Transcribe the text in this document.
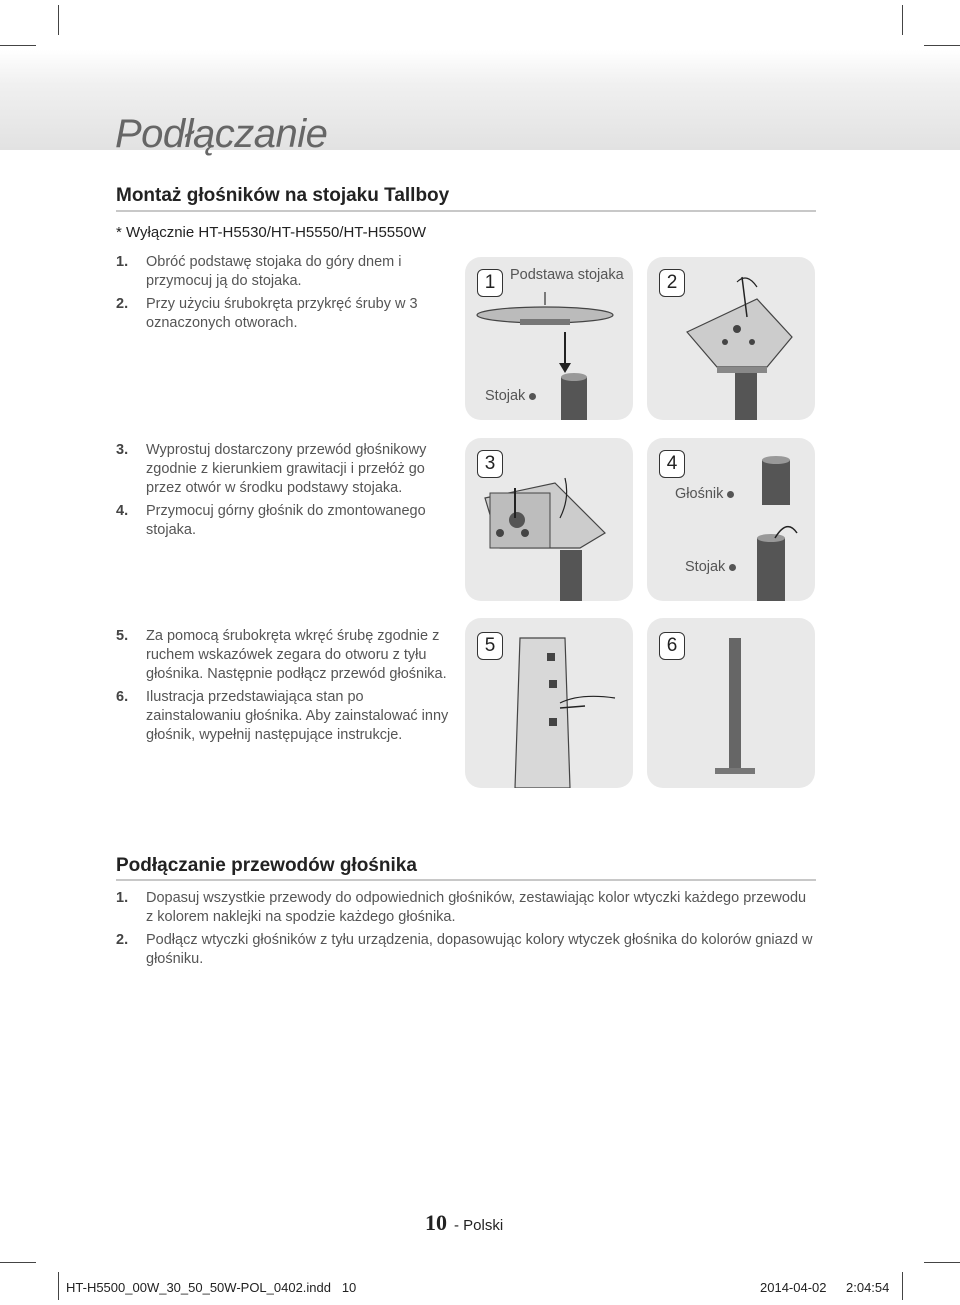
Podłączanie
Montaż głośników na stojaku Tallboy
* Wyłącznie HT-H5530/HT-H5550/HT-H5550W
1. Obróć podstawę stojaka do góry dnem i przymocuj ją do stojaka.
2. Przy użyciu śrubokręta przykręć śruby w 3 oznaczonych otworach.
3. Wyprostuj dostarczony przewód głośnikowy zgodnie z kierunkiem grawitacji i przełóż go przez otwór w środku podstawy stojaka.
4. Przymocuj górny głośnik do zmontowanego stojaka.
5. Za pomocą śrubokręta wkręć śrubę zgodnie z ruchem wskazówek zegara do otworu z tyłu głośnika. Następnie podłącz przewód głośnika.
6. Ilustracja przedstawiająca stan po zainstalowaniu głośnika. Aby zainstalować inny głośnik, wypełnij następujące instrukcje.
1	Podstawa stojaka
Stojak
2
3	4
Głośnik
Stojak
5	6
Podłączanie przewodów głośnika
1. Dopasuj wszystkie przewody do odpowiednich głośników, zestawiając kolor wtyczki każdego przewodu z kolorem naklejki na spodzie każdego głośnika.
2. Podłącz wtyczki głośników z tyłu urządzenia, dopasowując kolory wtyczek głośnika do kolorów gniazd w głośniku.
10 - Polski
HT-H5500_00W_30_50_50W-POL_0402.indd   10	2014-04-02 2:04:54
